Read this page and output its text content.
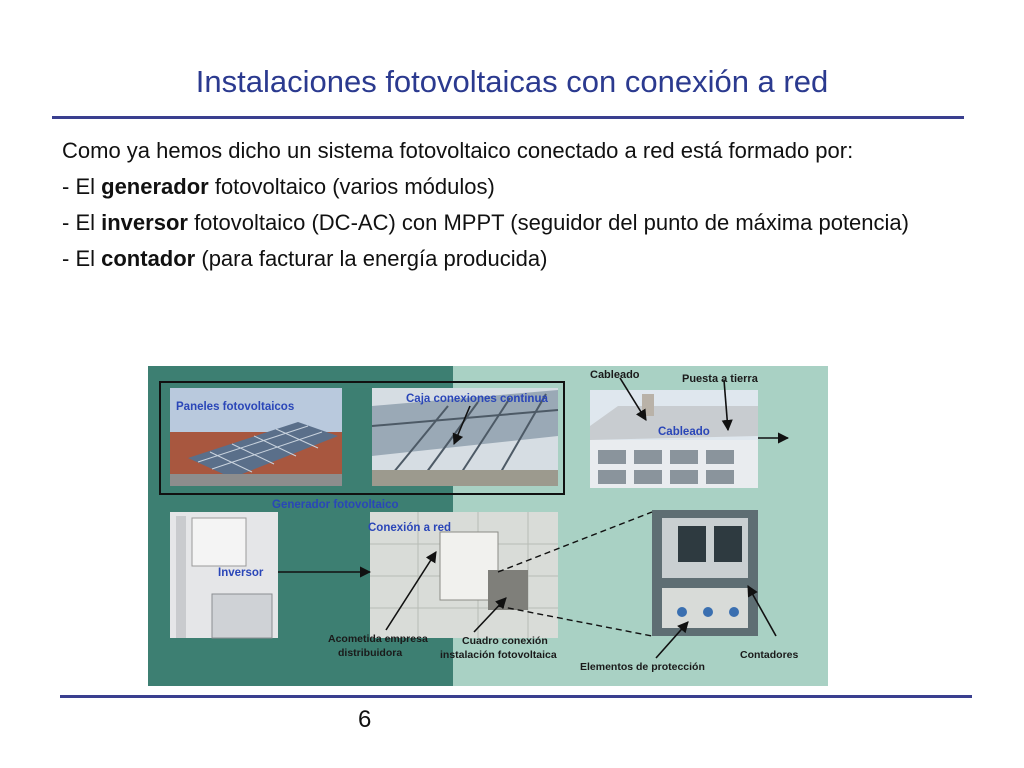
Instalaciones fotovoltaicas con conexión a red

Como ya hemos dicho un sistema fotovoltaico conectado a red está formado por:

- El generador fotovoltaico (varios módulos)

- El inversor fotovoltaico (DC-AC) con MPPT (seguidor del punto de máxima potencia)

- El contador (para facturar la energía producida)

Paneles fotovoltaicos
Caja conexiones continua
Cableado	Puesta a tierra
Cableado
Generador fotovoltaico
Inversor
Conexión a red
Acometida empresa
distribuidora
Cuadro conexión
instalación fotovoltaica
Elementos de protección
Contadores
6
